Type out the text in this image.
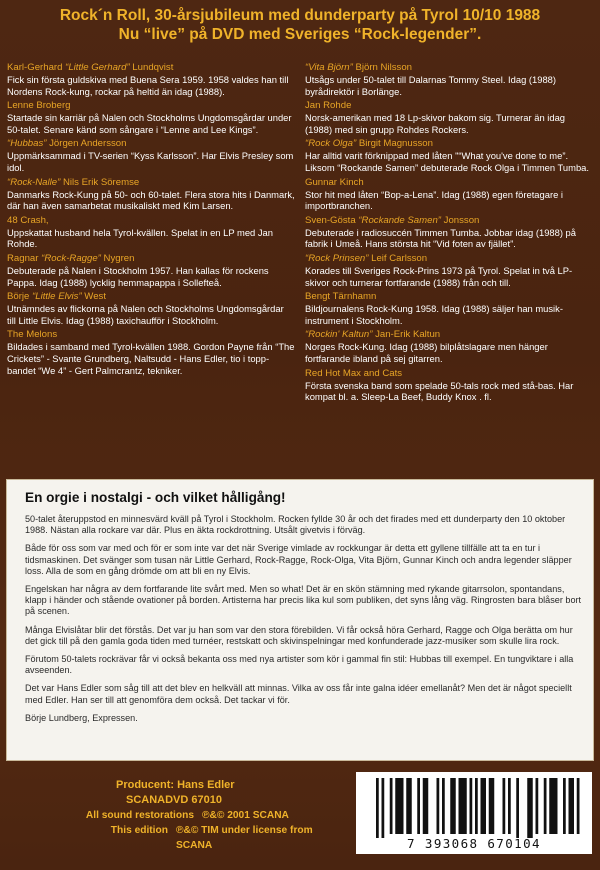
Rock´n Roll, 30-årsjubileum med dunderparty på Tyrol 10/10 1988
Nu “live” på DVD med Sveriges “Rock-legender”.
Karl-Gerhard “Little Gerhard” Lundqvist
Fick sin första guldskiva med Buena Sera 1959. 1958 valdes han till Nordens Rock-kung, rockar på heltid än idag (1988).
Lenne Broberg
Startade sin karriär på Nalen och Stockholms Ungdomsgårdar under 50-talet. Senare känd som sångare i “Lenne and Lee Kings”.
“Hubbas” Jörgen Andersson
Uppmärksammad i TV-serien “Kyss Karlsson”. Har Elvis Presley som idol.
“Rock-Nalle” Nils Erik Söremse
Danmarks Rock-Kung på 50- och 60-talet. Flera stora hits i Danmark, där han även samarbetat musikaliskt med Kim Larsen.
48 Crash,
Uppskattat husband hela Tyrol-kvällen. Spelat in en LP med Jan Rohde.
Ragnar “Rock-Ragge” Nygren
Debuterade på Nalen i Stockholm 1957. Han kallas för rockens Pappa. Idag (1988) lycklig hemmapappa i Sollefteå.
Börje “Little Elvis” West
Utnämndes av flickorna på Nalen och Stockholms Ungdomsgårdar till Little Elvis. Idag (1988) taxichaufför i Stockholm.
The Melons
Bildades i samband med Tyrol-kvällen 1988. Gordon Payne från “The Crickets” - Svante Grundberg, Naltsudd - Hans Edler, tio i topp-bandet “We 4” - Gert Palmcrantz, tekniker.
“Vita Björn” Björn Nilsson
Utsågs under 50-talet till Dalarnas Tommy Steel. Idag (1988) byrådirektör i Borlänge.
Jan Rohde
Norsk-amerikan med 18 Lp-skivor bakom sig. Turnerar än idag (1988) med sin grupp Rohdes Rockers.
“Rock Olga” Birgit Magnusson
Har alltid varit förknippad med låten "“What you've done to me”. Liksom “Rockande Samen” debuterade Rock Olga i Timmen Tumba.
Gunnar Kinch
Stor hit med låten “Bop-a-Lena”. Idag (1988) egen företagare i importbranchen.
Sven-Gösta “Rockande Samen” Jonsson
Debuterade i radiosuccén Timmen Tumba. Jobbar idag (1988) på fabrik i Umeå. Hans största hit “Vid foten av fjället”.
“Rock Prinsen” Leif Carlsson
Korades till Sveriges Rock-Prins 1973 på Tyrol. Spelat in två LP-skivor och turnerar fortfarande (1988) från och till.
Bengt Tärnhamn
Bildjournalens Rock-Kung 1958. Idag (1988) säljer han musik-instrument i Stockholm.
“Rockin' Kaltun” Jan-Erik Kaltun
Norges Rock-Kung. Idag (1988) bilplåtslagare men hänger fortfarande ibland på sej gitarren.
Red Hot Max and Cats
Första svenska band som spelade 50-tals rock med stå-bas. Har kompat bl. a. Sleep-La Beef, Buddy Knox . fl.
En orgie i nostalgi - och vilket hålligång!

50-talet återuppstod en minnesvärd kväll på Tyrol i Stockholm. Rocken fyllde 30 år och det firades med ett dunderparty den 10 oktober 1988. Nästan alla rockare var där. Plus en äkta rockdrottning. Utsålt givetvis i förväg.

Både för oss som var med och för er som inte var det när Sverige vimlade av rockkungar är detta ett gyllene tillfälle att ta en tur i tidsmaskinen. Det svänger som tusan när Little Gerhard, Rock-Ragge, Rock-Olga, Vita Björn, Gunnar Kinch och andra legender släpper loss. Alla de som en gång drömde om att bli en ny Elvis.

Engelskan har några av dem fortfarande lite svårt med. Men so what! Det är en skön stämning med rykande gitarrsolon, spontandans, klapp i händer och stående ovationer på borden. Artisterna har precis lika kul som publiken, det syns lång väg. Ringrosten bara blåser bort på scenen.

Många Elvislåtar blir det förstås. Det var ju han som var den stora förebilden. Vi får också höra Gerhard, Ragge och Olga berätta om hur det gick till på den gamla goda tiden med turnéer, restskatt och skivinspelningar med konfunderade jazz-musiker som skulle lira rock.

Förutom 50-talets rockrävar får vi också bekanta oss med nya artister som kör i gammal fin stil: Hubbas till exempel. En tungviktare i alla avseenden.

Det var Hans Edler som såg till att det blev en helkväll att minnas. Vilka av oss får inte galna idéer emellanåt? Men det är något speciellt med Edler. Han ser till att genomföra dem också. Det tackar vi för.

Börje Lundberg, Expressen.

Producent: Hans Edler
SCANADVD 67010
All sound restorations ℗&© 2001 SCANA
This edition ℗&© TIM under license from SCANA	7 393068 670104
